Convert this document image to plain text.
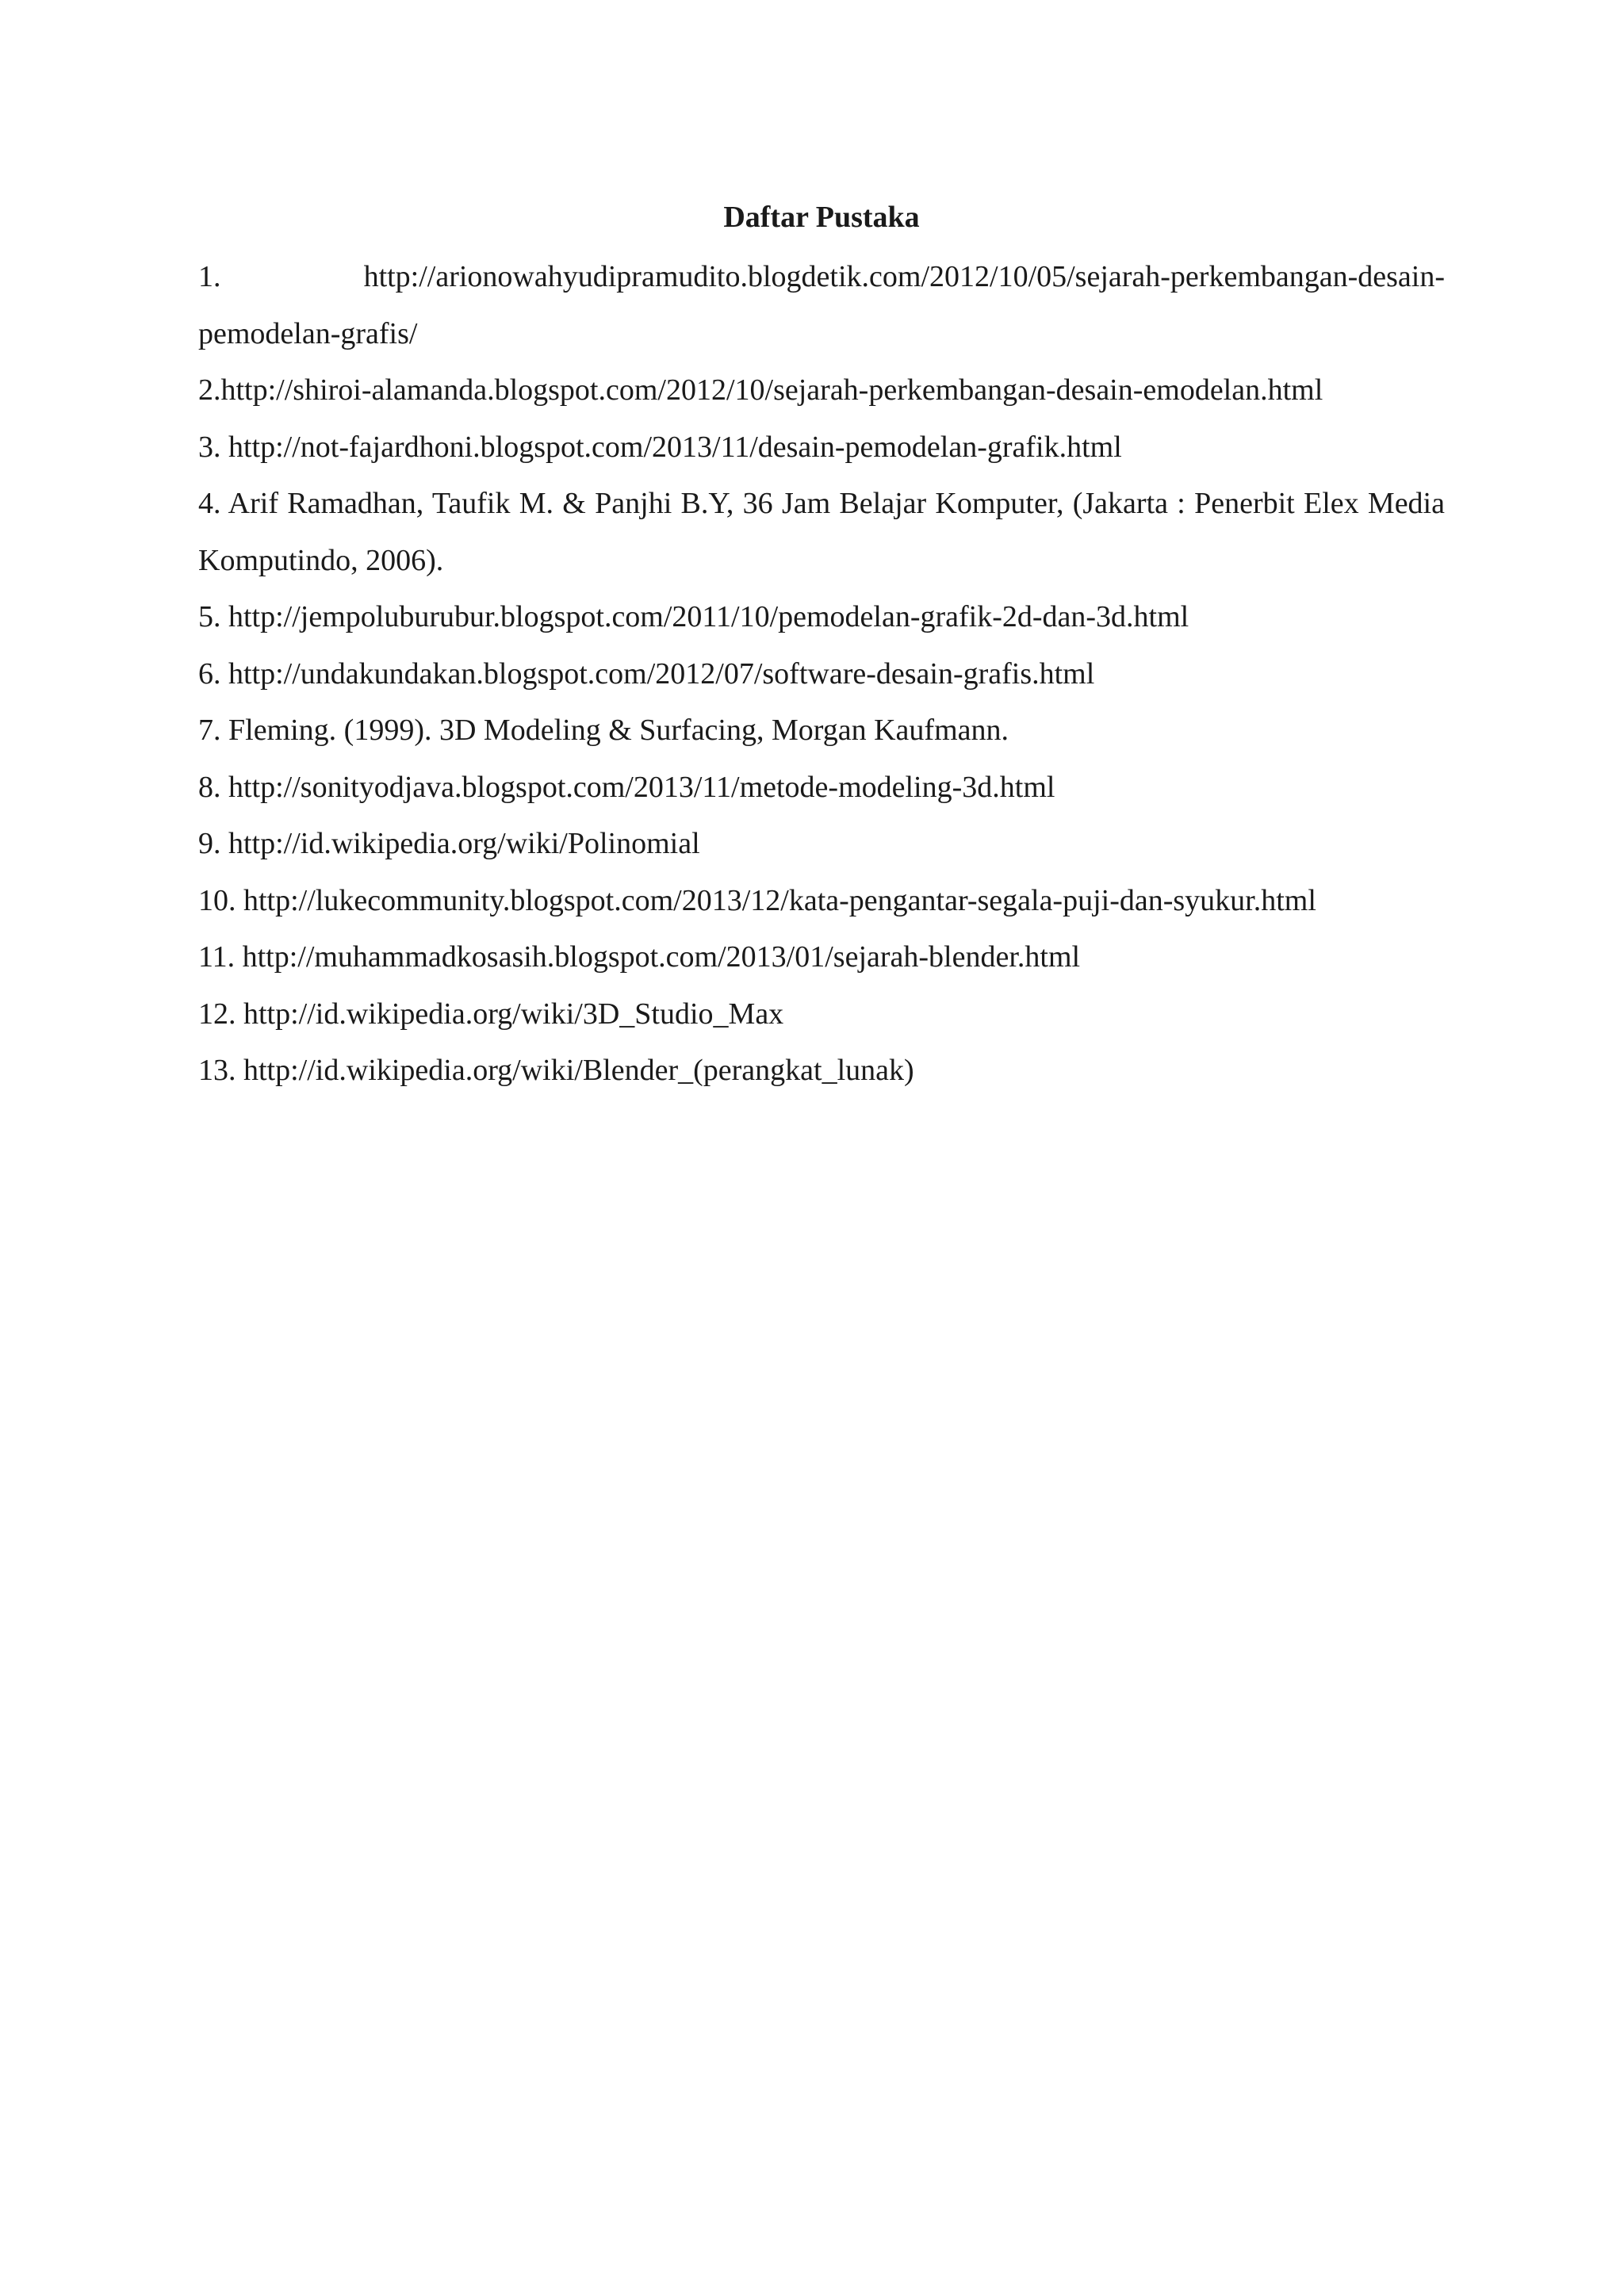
Daftar Pustaka
1. http://arionowahyudipramudito.blogdetik.com/2012/10/05/sejarah-perkembangan-desain-
pemodelan-grafis/

2.http://shiroi-alamanda.blogspot.com/2012/10/sejarah-perkembangan-desain-emodelan.html

3. http://not-fajardhoni.blogspot.com/2013/11/desain-pemodelan-grafik.html

4. Arif Ramadhan, Taufik M. & Panjhi B.Y, 36 Jam Belajar Komputer, (Jakarta : Penerbit Elex Media Komputindo, 2006).

5. http://jempoluburubur.blogspot.com/2011/10/pemodelan-grafik-2d-dan-3d.html

6. http://undakundakan.blogspot.com/2012/07/software-desain-grafis.html

7. Fleming. (1999). 3D Modeling & Surfacing, Morgan Kaufmann.

8. http://sonityodjava.blogspot.com/2013/11/metode-modeling-3d.html

9. http://id.wikipedia.org/wiki/Polinomial

10. http://lukecommunity.blogspot.com/2013/12/kata-pengantar-segala-puji-dan-syukur.html

11. http://muhammadkosasih.blogspot.com/2013/01/sejarah-blender.html

12. http://id.wikipedia.org/wiki/3D_Studio_Max

13. http://id.wikipedia.org/wiki/Blender_(perangkat_lunak)
